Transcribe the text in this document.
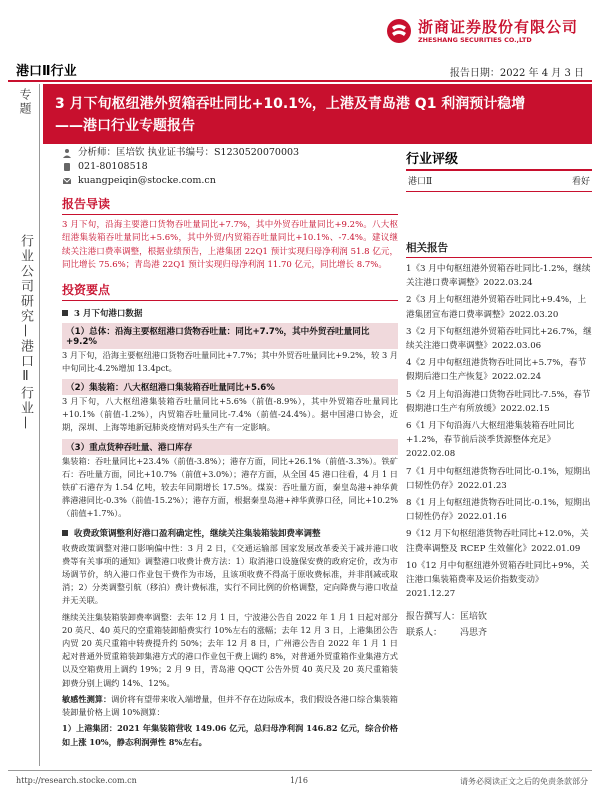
浙商证券股份有限公司
ZHESHANG SECURITIES CO.,LTD
港口Ⅱ行业	报告日期：2022 年 4 月 3 日
专题
行业公司研究—港口Ⅱ行业—
3 月下旬枢纽港外贸箱吞吐同比+10.1%，上港及青岛港 Q1 利润预计稳增
——港口行业专题报告
分析师：匡培钦 执业证书编号：S1230520070003
021-80108518
kuangpeiqin@stocke.com.cn
行业评级
港口Ⅱ	看好
相关报告
1《3 月中旬枢纽港外贸箱吞吐同比-1.2%，继续关注港口费率调整》2022.03.24
2《3 月上旬枢纽港外贸箱吞吐同比+9.4%，上港集团宣布港口费率调整》2022.03.20
3《2 月下旬枢纽港外贸箱吞吐同比+26.7%，继续关注港口费率调整》2022.03.06
4《2 月中旬枢纽港货物吞吐同比+5.7%，春节假期后港口生产恢复》2022.02.24
5《2 月上旬沿海港口货物吞吐同比-7.5%，春节假期港口生产有所放缓》2022.02.15
6《1 月下旬沿海八大枢纽港集装箱吞吐同比+1.2%，春节前后淡季货源整体充足》2022.02.08
7《1 月中旬枢纽港货物吞吐同比-0.1%，短期出口韧性仍存》2022.01.23
8《1 月上旬枢纽港货物吞吐同比-0.1%，短期出口韧性仍存》2022.01.16
9《12 月下旬枢纽港货物吞吐同比+12.0%，关注费率调整及 RCEP 生效催化》2022.01.09
10《12 月中旬枢纽港外贸箱吞吐同比+9%，关注港口集装箱费率及运价指数变动》2021.12.27
报告撰写人： 匡培钦
联系人：	冯思齐
报告导读
3 月下旬，沿海主要港口货物吞吐量同比+7.7%，其中外贸吞吐量同比+9.2%。八大枢纽港集装箱吞吐量同比+5.6%，其中外贸/内贸箱吞吐量同比+10.1%、-7.4%。建议继续关注港口费率调整，根据业绩预告，上港集团 22Q1 预计实现归母净利润 51.8 亿元，同比增长 75.6%；青岛港 22Q1 预计实现归母净利润 11.70 亿元，同比增长 8.7%。
投资要点
3 月下旬港口数据
（1）总体：沿海主要枢纽港口货物吞吐量：同比+7.7%，其中外贸吞吐量同比+9.2%
3 月下旬，沿海主要枢纽港口货物吞吐量同比+7.7%；其中外贸吞吐量同比+9.2%，较 3 月中旬同比-4.2%增加 13.4pct。
（2）集装箱：八大枢纽港口集装箱吞吐量同比+5.6%
3 月下旬，八大枢纽港集装箱吞吐量同比+5.6%（前值-8.9%），其中外贸箱吞吐量同比+10.1%（前值-1.2%），内贸箱吞吐量同比-7.4%（前值-24.4%）。据中国港口协会，近期，深圳、上海等地新冠肺炎疫情对码头生产有一定影响。
（3）重点货种吞吐量、港口库存
集装箱：吞吐量同比+23.4%（前值-3.8%）；港存方面，同比+26.1%（前值-3.3%）。铁矿石：吞吐量方面，同比+10.7%（前值+3.0%）；港存方面，从全国 45 港口往看，4 月 1 日铁矿石港存为 1.54 亿吨，较去年同期增长 17.5%。煤炭：吞吐量方面，秦皇岛港+神华黄骅港港同比-0.3%（前值-15.2%）；港存方面，根据秦皇岛港+神华黄骅口径，同比+10.2%（前值+1.7%）。
收费政策调整利好港口盈利确定性，继续关注集装箱装卸费率调整
收费政策调整对港口影响偏中性：3 月 2 日，《交通运输部 国家发展改革委关于减并港口收费等有关事项的通知》调整港口收费计费方法：1）取消港口设施保安费的政府定价，改为市场调节价，纳入港口作业包干费作为市场，且该项收费不得高于原收费标准，并非削减或取消；2）分类调整引航（移泊）费计费标准，实行不同比例的价格调整，定向降费与港口收益并无关联。
继续关注集装箱装卸费率调整：去年 12 月 1 日，宁波港公告自 2022 年 1 月 1 日起对部分 20 英尺、40 英尺的空重箱装卸船费实行 10%左右的涨幅；去年 12 月 3 日，上港集团公告内贸 20 英尺重箱中转费提升约 50%；去年 12 月 8 日，广州港公告自 2022 年 1 月 1 日起对普通外贸重箱装卸集港方式的港口作业包干费上调约 8%，对普通外贸重箱作业集港方式以及空箱费用上调约 19%；2 月 9 日，青岛港 QQCT 公告外贸 40 英尺及 20 英尺重箱装卸费分别上调约 14%、12%。
敏感性测算：调价将有望带来收入端增量，但并不存在边际成本，我们假设各港口综合集装箱装卸量价格上调 10%测算：
1）上港集团：2021 年集装箱营收 149.06 亿元，总归母净利润 146.82 亿元，综合价格如上涨 10%，静态利润弹性 8%左右。
http://research.stocke.com.cn	1/16	请务必阅读正文之后的免责条款部分
